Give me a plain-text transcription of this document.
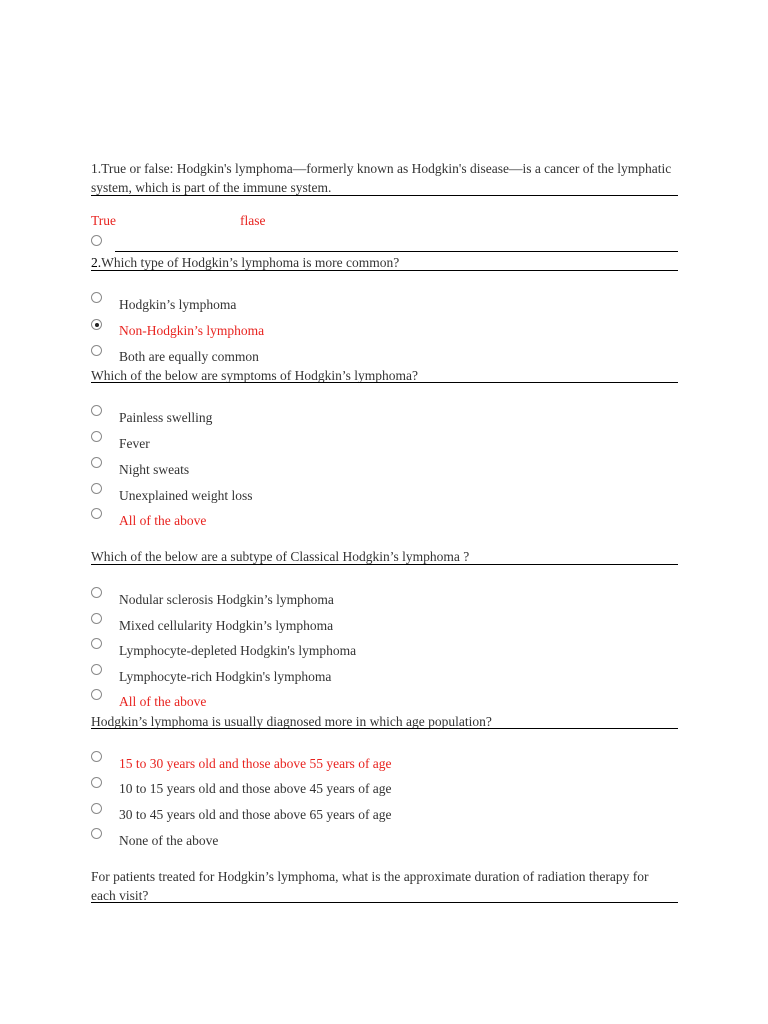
1.True or false: Hodgkin's lymphoma—formerly known as Hodgkin's disease—is a cancer of the lymphatic system, which is part of the immune system.
True	flase
2.Which type of Hodgkin’s lymphoma is more common?
Hodgkin’s lymphoma
Non-Hodgkin’s lymphoma
Both are equally common
Which of the below are symptoms of Hodgkin’s lymphoma?
Painless swelling
Fever
Night sweats
Unexplained weight loss
All of the above
Which of the below are a subtype of Classical Hodgkin’s lymphoma ?
Nodular sclerosis Hodgkin’s lymphoma
Mixed cellularity Hodgkin’s lymphoma
Lymphocyte-depleted Hodgkin's lymphoma
Lymphocyte-rich Hodgkin's lymphoma
All of the above
Hodgkin’s lymphoma is usually diagnosed more in which age population?
15 to 30 years old and those above 55 years of age
10 to 15 years old and those above 45 years of age
30 to 45 years old and those above 65 years of age
None of the above
For patients treated for Hodgkin’s lymphoma, what is the approximate duration of radiation therapy for each visit?
